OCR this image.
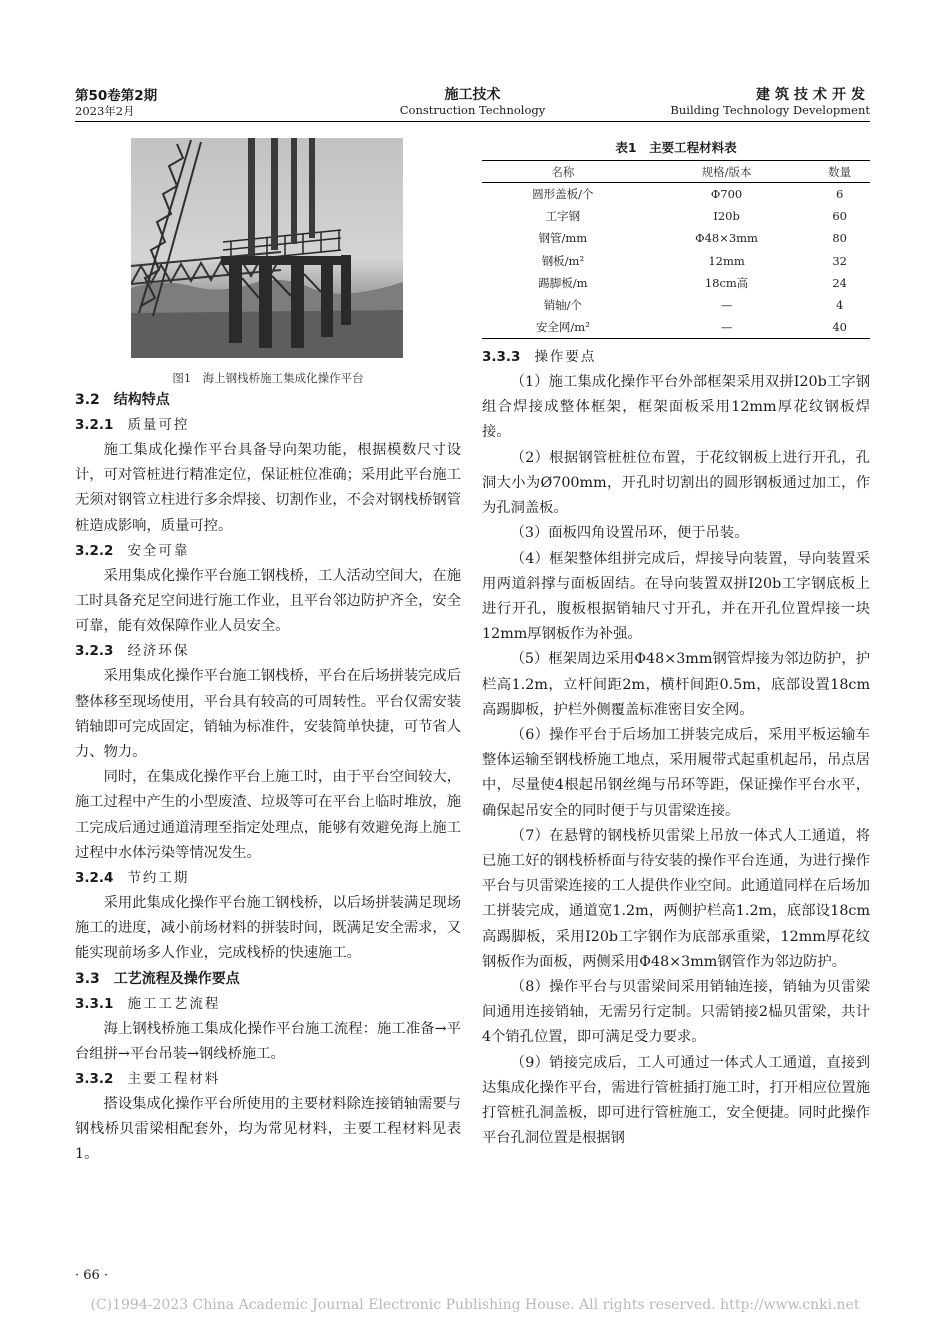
第50卷第2期
2023年2月
施工技术
Construction Technology
建筑技术开发
Building Technology Development
图1　海上钢栈桥施工集成化操作平台
3.2　结构特点
3.2.1 质量可控

施工集成化操作平台具备导向架功能，根据模数尺寸设计，可对管桩进行精准定位，保证桩位准确；采用此平台施工无须对钢管立柱进行多余焊接、切割作业，不会对钢栈桥钢管桩造成影响，质量可控。

3.2.2 安全可靠

采用集成化操作平台施工钢栈桥，工人活动空间大，在施工时具备充足空间进行施工作业，且平台邻边防护齐全，安全可靠，能有效保障作业人员安全。

3.2.3 经济环保

采用集成化操作平台施工钢栈桥，平台在后场拼装完成后整体移至现场使用，平台具有较高的可周转性。平台仅需安装销轴即可完成固定，销轴为标准件，安装简单快捷，可节省人力、物力。

同时，在集成化操作平台上施工时，由于平台空间较大，施工过程中产生的小型废渣、垃圾等可在平台上临时堆放，施工完成后通过通道清理至指定处理点，能够有效避免海上施工过程中水体污染等情况发生。

3.2.4 节约工期

采用此集成化操作平台施工钢栈桥，以后场拼装满足现场施工的进度，减小前场材料的拼装时间，既满足安全需求，又能实现前场多人作业，完成栈桥的快速施工。

3.3　工艺流程及操作要点
3.3.1 施工工艺流程

海上钢栈桥施工集成化操作平台施工流程：施工准备→平台组拼→平台吊装→钢线桥施工。

3.3.2 主要工程材料

搭设集成化操作平台所使用的主要材料除连接销轴需要与钢栈桥贝雷梁相配套外，均为常见材料，主要工程材料见表1。

表1　主要工程材料表
名称	规格/版本	数量
圆形盖板/个	Φ700	6
工字钢	I20b	60
钢管/mm	Φ48×3mm	80
钢板/m²	12mm	32
踢脚板/m	18cm高	24
销轴/个	—	4
安全网/m²	—	40
3.3.3 操作要点

（1）施工集成化操作平台外部框架采用双拼I20b工字钢组合焊接成整体框架，框架面板采用12mm厚花纹钢板焊接。

（2）根据钢管桩桩位布置，于花纹钢板上进行开孔，孔洞大小为Ø700mm，开孔时切割出的圆形钢板通过加工，作为孔洞盖板。

（3）面板四角设置吊环，便于吊装。

（4）框架整体组拼完成后，焊接导向装置，导向装置采用两道斜撑与面板固结。在导向装置双拼I20b工字钢底板上进行开孔，腹板根据销轴尺寸开孔，并在开孔位置焊接一块12mm厚钢板作为补强。

（5）框架周边采用Φ48×3mm钢管焊接为邻边防护，护栏高1.2m，立杆间距2m，横杆间距0.5m，底部设置18cm高踢脚板，护栏外侧覆盖标准密目安全网。

（6）操作平台于后场加工拼装完成后，采用平板运输车整体运输至钢栈桥施工地点，采用履带式起重机起吊，吊点居中，尽量使4根起吊钢丝绳与吊环等距，保证操作平台水平，确保起吊安全的同时便于与贝雷梁连接。

（7）在悬臂的钢栈桥贝雷梁上吊放一体式人工通道，将已施工好的钢栈桥桥面与待安装的操作平台连通，为进行操作平台与贝雷梁连接的工人提供作业空间。此通道同样在后场加工拼装完成，通道宽1.2m，两侧护栏高1.2m，底部设18cm高踢脚板，采用I20b工字钢作为底部承重梁，12mm厚花纹钢板作为面板，两侧采用Φ48×3mm钢管作为邻边防护。

（8）操作平台与贝雷梁间采用销轴连接，销轴为贝雷梁间通用连接销轴，无需另行定制。只需销接2榀贝雷梁，共计4个销孔位置，即可满足受力要求。

（9）销接完成后，工人可通过一体式人工通道，直接到达集成化操作平台，需进行管桩插打施工时，打开相应位置施打管桩孔洞盖板，即可进行管桩施工，安全便捷。同时此操作平台孔洞位置是根据钢

· 66 ·
(C)1994-2023 China Academic Journal Electronic Publishing House. All rights reserved. http://www.cnki.net
